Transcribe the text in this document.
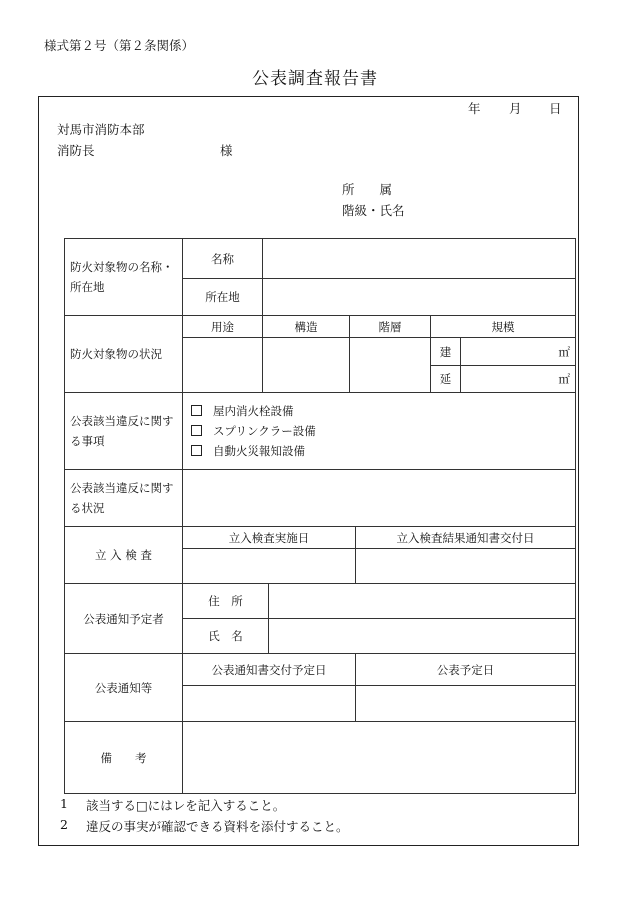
様式第２号（第２条関係）
公表調査報告書
年 月 日
対馬市消防本部
消防長	様
所　　属
階級・氏名
防火対象物の名称・所在地	名称						
	所在地						
防火対象物の状況	用途	構造		階層		規模	
						建	㎡
						延	㎡
公表該当違反に関する事項	屋内消火栓設備
スプリンクラー設備
自動火災報知設備						

公表該当違反に関する状況							
立 入 検 査	立入検査実施日				立入検査結果通知書交付日		

公表通知予定者	住　所						
	氏　名						
公表通知等	公表通知書交付予定日				公表予定日		

備　　考							
1 該当する□にはレを記入すること。
2 違反の事実が確認できる資料を添付すること。
